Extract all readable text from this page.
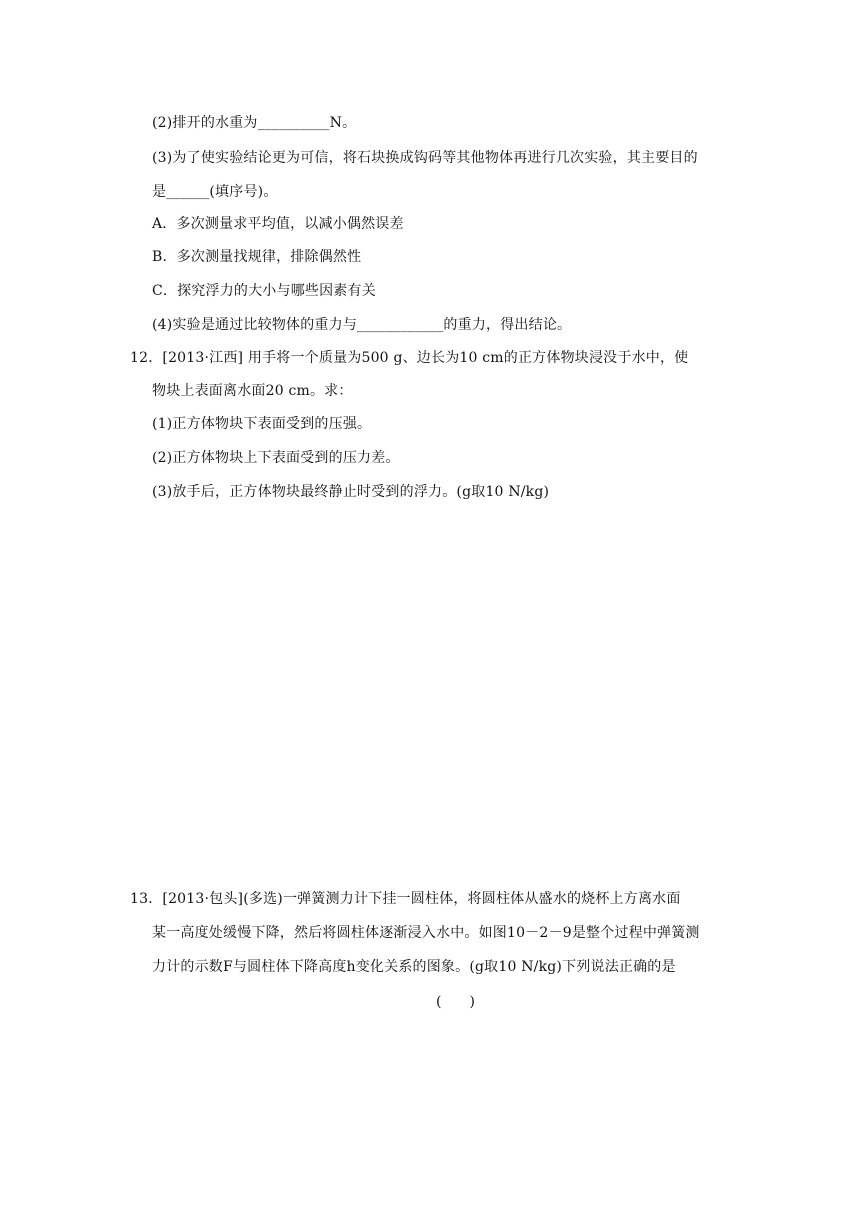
(2)排开的水重为__________N。
(3)为了使实验结论更为可信，将石块换成钩码等其他物体再进行几次实验，其主要目的
是______(填序号)。
A．多次测量求平均值，以减小偶然误差
B．多次测量找规律，排除偶然性
C．探究浮力的大小与哪些因素有关
(4)实验是通过比较物体的重力与____________的重力，得出结论。
12．[2013·江西] 用手将一个质量为500 g、边长为10 cm的正方体物块浸没于水中，使
物块上表面离水面20 cm。求：
(1)正方体物块下表面受到的压强。
(2)正方体物块上下表面受到的压力差。
(3)放手后，正方体物块最终静止时受到的浮力。(g取10 N/kg)
13．[2013·包头](多选)一弹簧测力计下挂一圆柱体，将圆柱体从盛水的烧杯上方离水面
某一高度处缓慢下降，然后将圆柱体逐渐浸入水中。如图10－2－9是整个过程中弹簧测
力计的示数F与圆柱体下降高度h变化关系的图象。(g取10 N/kg)下列说法正确的是
(　　)
